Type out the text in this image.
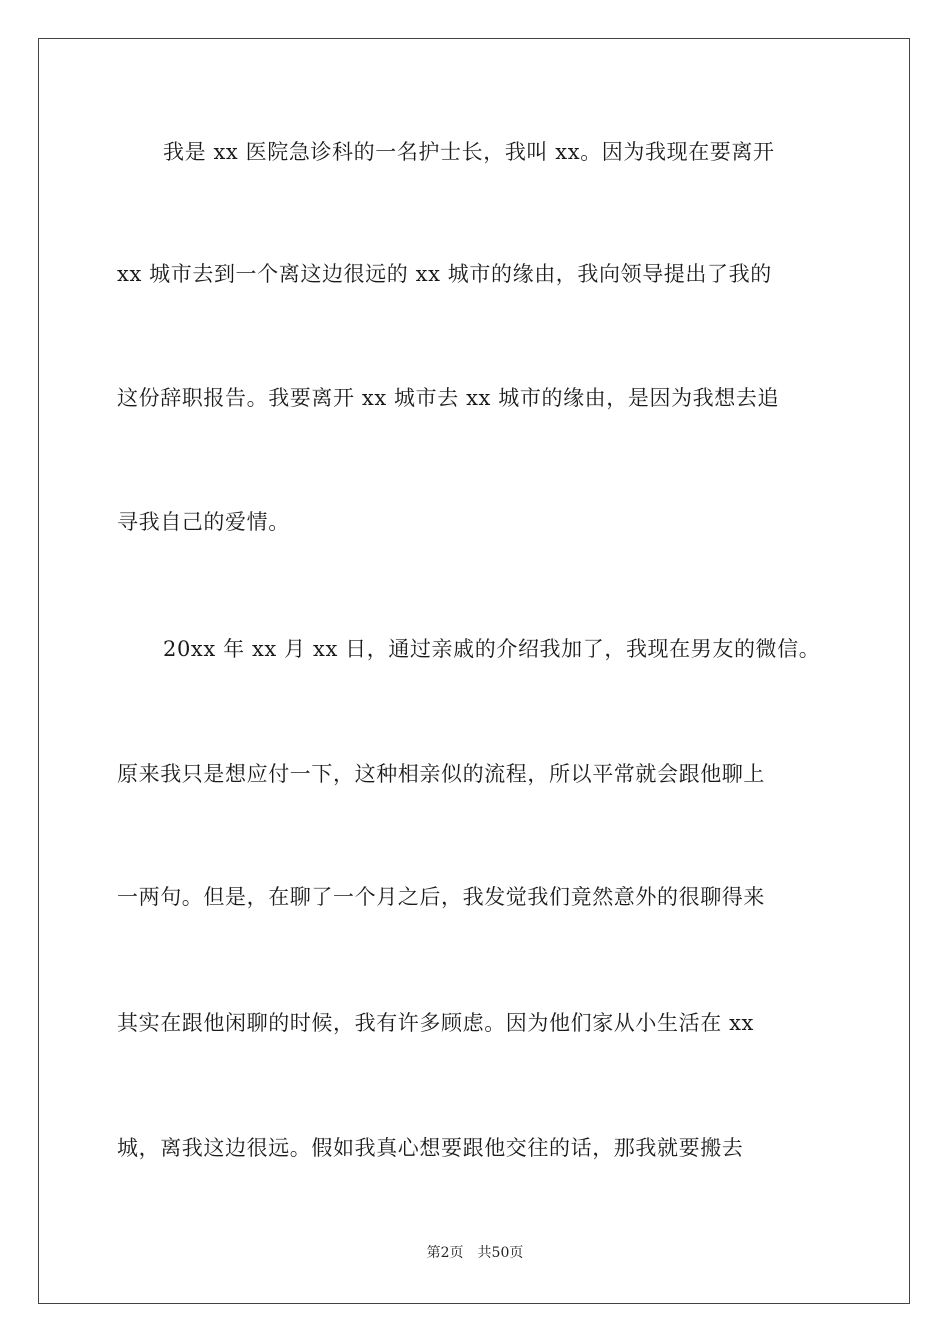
我是 xx 医院急诊科的一名护士长，我叫 xx。因为我现在要离开
xx 城市去到一个离这边很远的 xx 城市的缘由，我向领导提出了我的
这份辞职报告。我要离开 xx 城市去 xx 城市的缘由，是因为我想去追
寻我自己的爱情。
20xx 年 xx 月 xx 日，通过亲戚的介绍我加了，我现在男友的微信。
原来我只是想应付一下，这种相亲似的流程，所以平常就会跟他聊上
一两句。但是，在聊了一个月之后，我发觉我们竟然意外的很聊得来
其实在跟他闲聊的时候，我有许多顾虑。因为他们家从小生活在 xx
城，离我这边很远。假如我真心想要跟他交往的话，那我就要搬去
第2页 共50页
